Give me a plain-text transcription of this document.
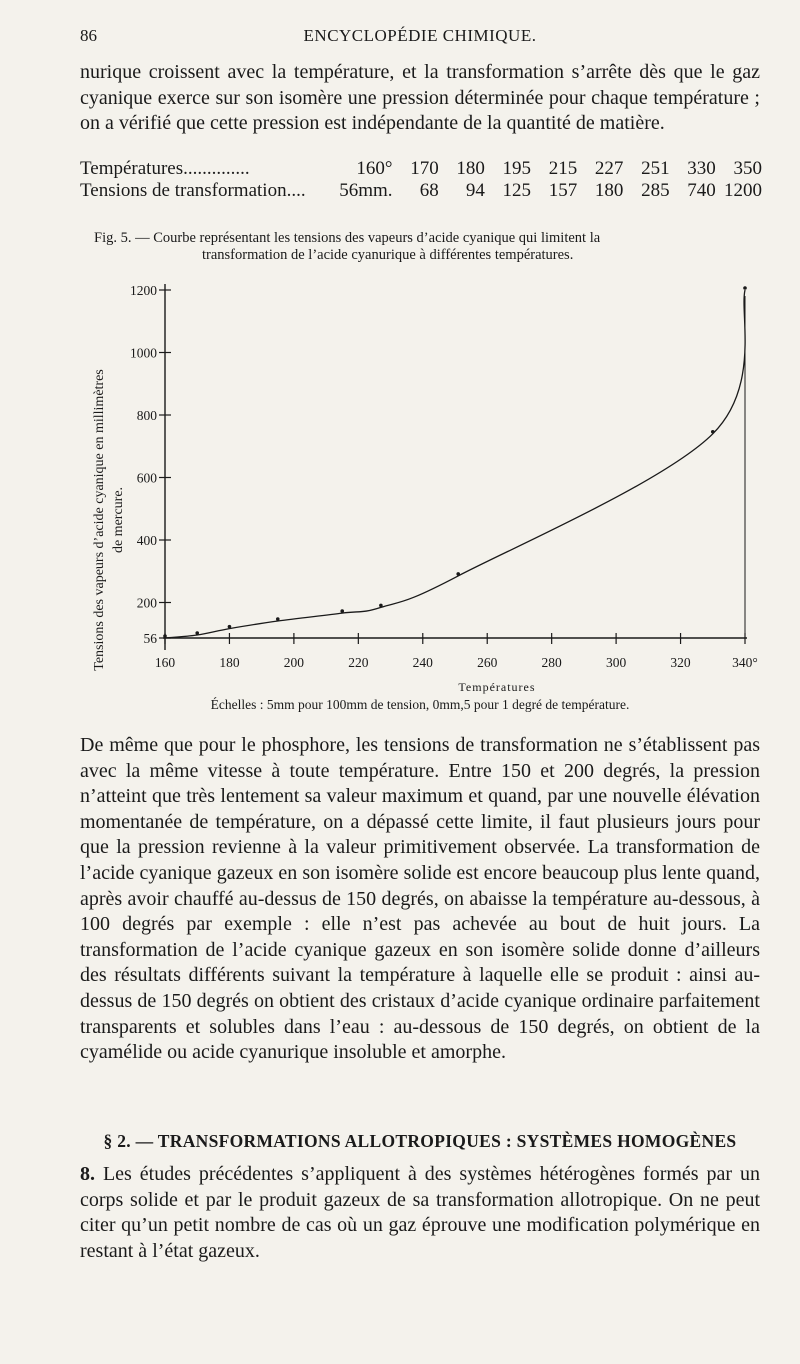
86	ENCYCLOPÉDIE CHIMIQUE.

nurique croissent avec la température, et la transformation s’arrête dès que le gaz cyanique exerce sur son isomère une pression déterminée pour chaque température ; on a vérifié que cette pression est indépendante de la quantité de matière.

Températures..............	160°	170	180	195	215	227	251	330	350
Tensions de transformation....	56mm.	68	94	125	157	180	285	740	1200
Fig. 5. — Courbe représentant les tensions des vapeurs d’acide cyanique qui limitent la
transformation de l’acide cyanurique à différentes températures.
Tensions des vapeurs d’acide cyanique en millimètres de mercure.
56
200
400
600
800
1000
1200
160	180	200	220	240	260	280	300	320	340°
Températures
Échelles : 5mm pour 100mm de tension, 0mm,5 pour 1 degré de température.

De même que pour le phosphore, les tensions de transformation ne s’établissent pas avec la même vitesse à toute température. Entre 150 et 200 degrés, la pression n’atteint que très lentement sa valeur maximum et quand, par une nouvelle élévation momentanée de température, on a dépassé cette limite, il faut plusieurs jours pour que la pression revienne à la valeur primitivement observée. La transformation de l’acide cyanique gazeux en son isomère solide est encore beaucoup plus lente quand, après avoir chauffé au-dessus de 150 degrés, on abaisse la température au-dessous, à 100 degrés par exemple : elle n’est pas achevée au bout de huit jours. La transformation de l’acide cyanique gazeux en son isomère solide donne d’ailleurs des résultats différents suivant la température à laquelle elle se produit : ainsi au-dessus de 150 degrés on obtient des cristaux d’acide cyanique ordinaire parfaitement transparents et solubles dans l’eau : au-dessous de 150 degrés, on obtient de la cyamélide ou acide cyanurique insoluble et amorphe.

§ 2. — TRANSFORMATIONS ALLOTROPIQUES : SYSTÈMES HOMOGÈNES

8. Les études précédentes s’appliquent à des systèmes hétérogènes formés par un corps solide et par le produit gazeux de sa transformation allotropique. On ne peut citer qu’un petit nombre de cas où un gaz éprouve une modification polymérique en restant à l’état gazeux.
